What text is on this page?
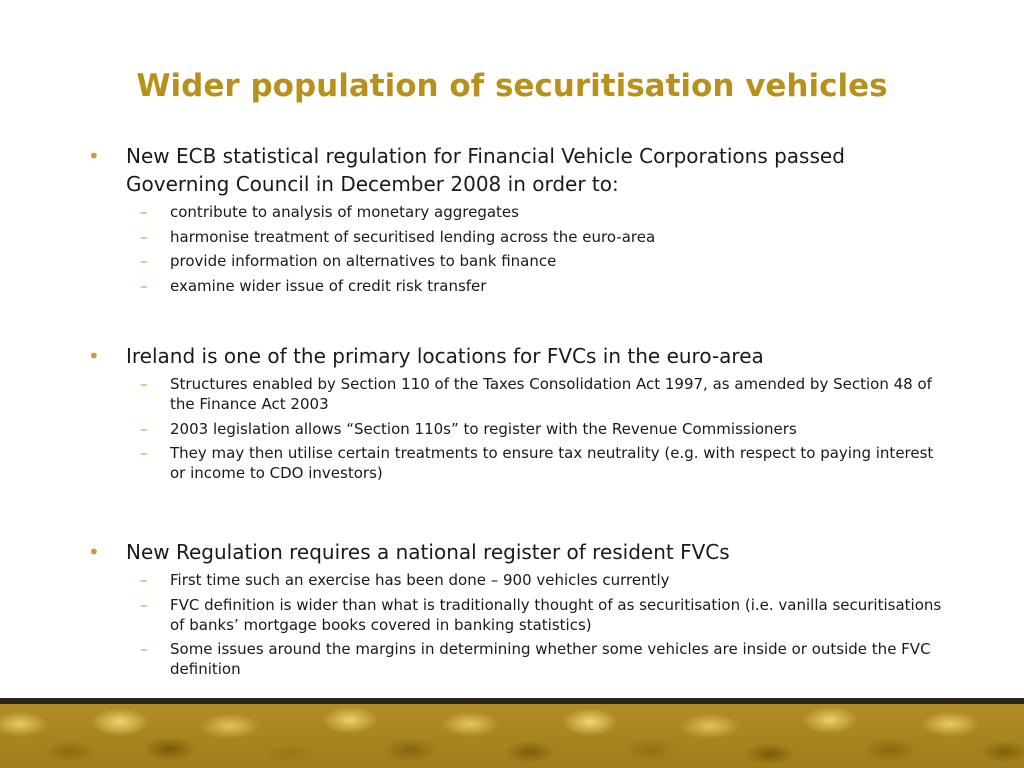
Wider population of securitisation vehicles
• New ECB statistical regulation for Financial Vehicle Corporations passed Governing Council in December 2008 in order to:
– contribute to analysis of monetary aggregates
– harmonise treatment of securitised lending across the euro-area
– provide information on alternatives to bank finance
– examine wider issue of credit risk transfer
• Ireland is one of the primary locations for FVCs in the euro-area
– Structures enabled by Section 110 of the Taxes Consolidation Act 1997, as amended by Section 48 of the Finance Act 2003
– 2003 legislation allows “Section 110s” to register with the Revenue Commissioners
– They may then utilise certain treatments to ensure tax neutrality (e.g. with respect to paying interest or income to CDO investors)
• New Regulation requires a national register of resident FVCs
– First time such an exercise has been done – 900 vehicles currently
– FVC definition is wider than what is traditionally thought of as securitisation (i.e. vanilla securitisations of banks’ mortgage books covered in banking statistics)
– Some issues around the margins in determining whether some vehicles are inside or outside the FVC definition
